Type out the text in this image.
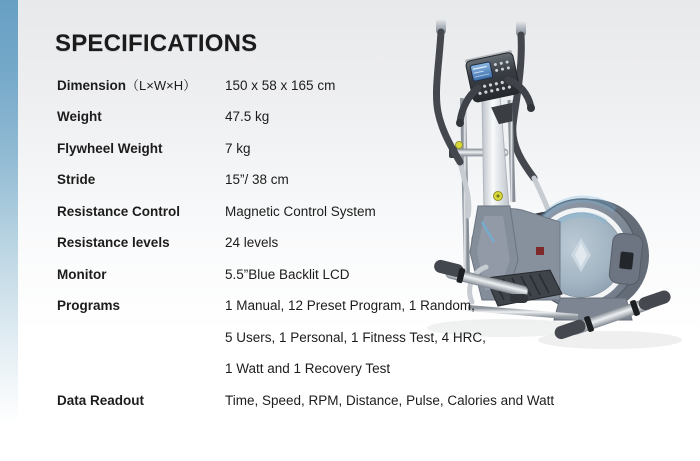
SPECIFICATIONS
Dimension（L×W×H）	150 x 58 x 165 cm
Weight	47.5 kg
Flywheel Weight	7 kg
Stride	15”/ 38 cm
Resistance Control	Magnetic Control System
Resistance levels	24 levels
Monitor	5.5”Blue Backlit LCD
Programs	1 Manual, 12 Preset Program, 1 Random,
5 Users, 1 Personal, 1 Fitness Test, 4 HRC,
1 Watt and 1 Recovery Test
Data Readout	Time, Speed, RPM, Distance, Pulse, Calories and Watt
